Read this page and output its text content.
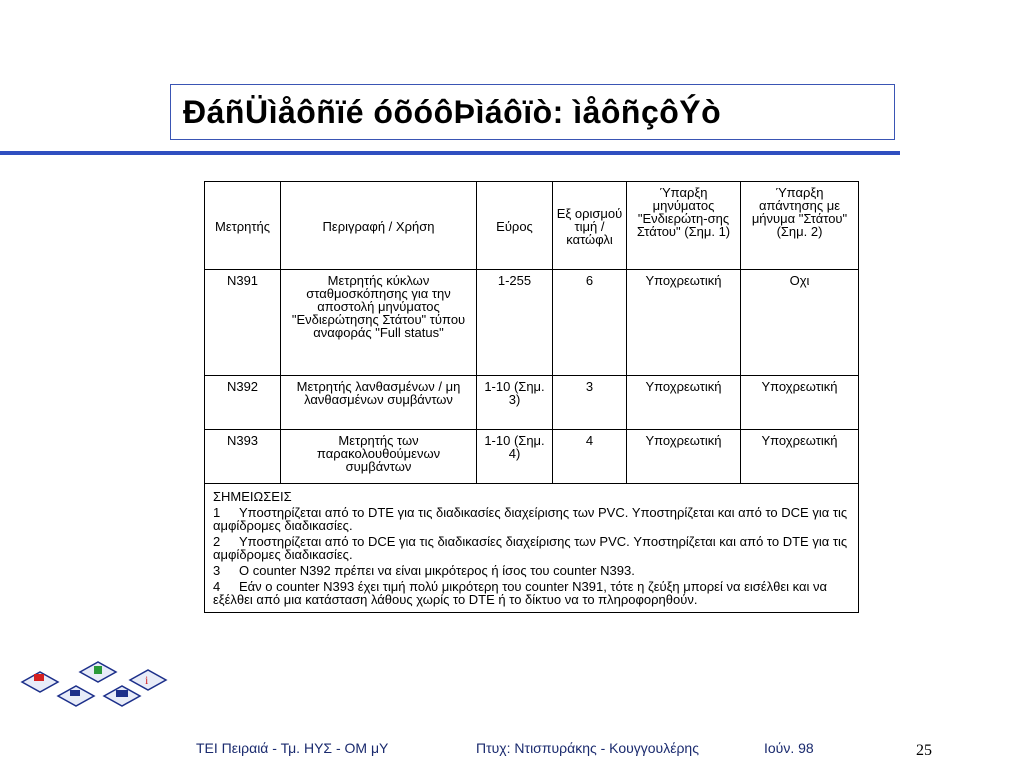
ÐáñÜìåôñïé óõóôÞìáôïò: ìåôñçôÝò
Μετρητής	Περιγραφή / Χρήση	Εύρος	Εξ ορισμού τιμή / κατώφλι	Ύπαρξη μηνύματος "Ενδιερώτη-σης Στάτου" (Σημ. 1)	Ύπαρξη απάντησης με μήνυμα "Στάτου" (Σημ. 2)
N391	Μετρητής κύκλων σταθμοσκόπησης για την αποστολή μηνύματος "Ενδιερώτησης Στάτου" τύπου αναφοράς "Full status"	1-255	6	Υποχρεωτική	Οχι
N392	Μετρητής λανθασμένων / μη λανθασμένων συμβάντων	1-10 (Σημ. 3)	3	Υποχρεωτική	Υποχρεωτική
N393	Μετρητής των παρακολουθούμενων συμβάντων	1-10 (Σημ. 4)	4	Υποχρεωτική	Υποχρεωτική

ΣΗΜΕΙΩΣΕΙΣ
1 Υποστηρίζεται από το DTE για τις διαδικασίες διαχείρισης των PVC. Υποστηρίζεται και από το DCE για τις αμφίδρομες διαδικασίες.
2 Υποστηρίζεται από το DCE για τις διαδικασίες διαχείρισης των PVC. Υποστηρίζεται και από το DTE για τις αμφίδρομες διαδικασίες.
3 O counter N392 πρέπει να είναι μικρότερος ή ίσος του counter N393.
4 Εάν ο counter N393 έχει τιμή πολύ μικρότερη του counter N391, τότε η ζεύξη μπορεί να εισέλθει και να εξέλθει από μια κατάσταση λάθους χωρίς το DTE ή το δίκτυο να το πληροφορηθούν.					
i
ΤΕΙ Πειραιά - Τμ. ΗΥΣ - ΟΜ μΥ	Πτυχ: Ντισπυράκης - Κουγγουλέρης	Ιούν. 98	25
